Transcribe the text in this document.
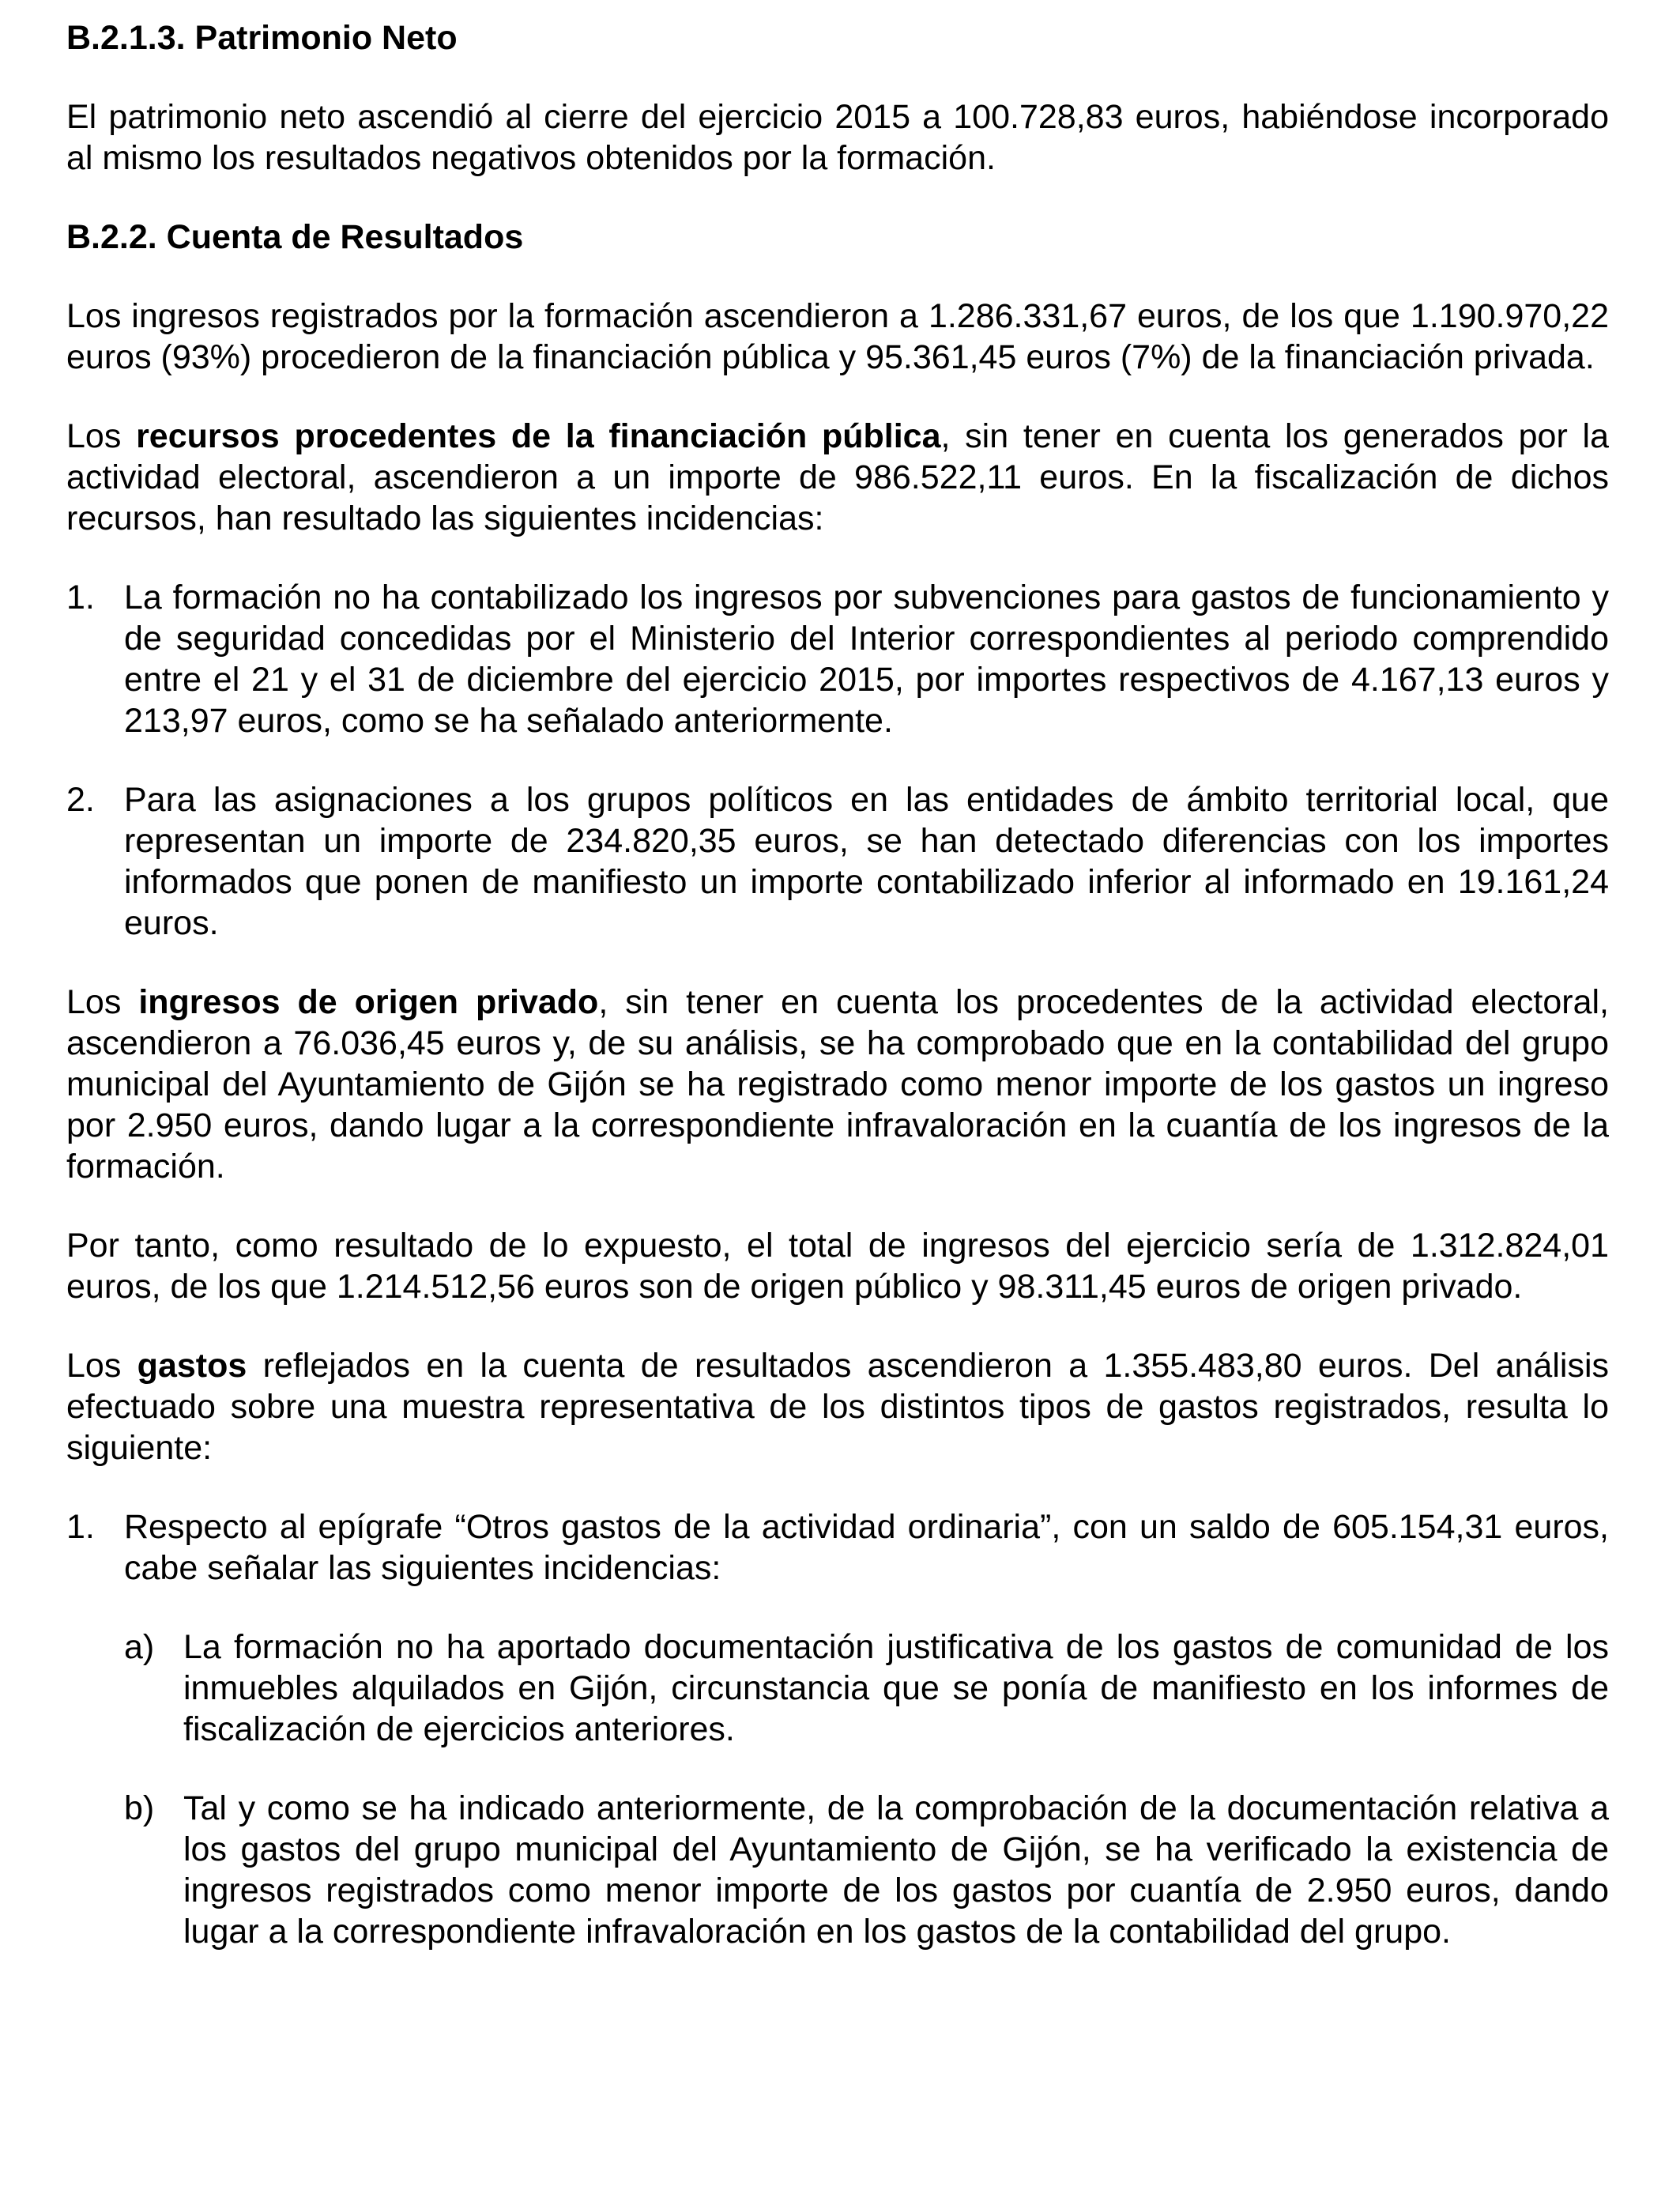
B.2.1.3. Patrimonio Neto

El patrimonio neto ascendió al cierre del ejercicio 2015 a 100.728,83 euros, habiéndose incorporado al mismo los resultados negativos obtenidos por la formación.

B.2.2. Cuenta de Resultados

Los ingresos registrados por la formación ascendieron a 1.286.331,67 euros, de los que 1.190.970,22 euros (93%) procedieron de la financiación pública y 95.361,45 euros (7%) de la financiación privada.

Los recursos procedentes de la financiación pública, sin tener en cuenta los generados por la actividad electoral, ascendieron a un importe de 986.522,11 euros. En la fiscalización de dichos recursos, han resultado las siguientes incidencias:

1. La formación no ha contabilizado los ingresos por subvenciones para gastos de funcionamiento y de seguridad concedidas por el Ministerio del Interior correspondientes al periodo comprendido entre el 21 y el 31 de diciembre del ejercicio 2015, por importes respectivos de 4.167,13 euros y 213,97 euros, como se ha señalado anteriormente.
2. Para las asignaciones a los grupos políticos en las entidades de ámbito territorial local, que representan un importe de 234.820,35 euros, se han detectado diferencias con los importes informados que ponen de manifiesto un importe contabilizado inferior al informado en 19.161,24 euros.

Los ingresos de origen privado, sin tener en cuenta los procedentes de la actividad electoral, ascendieron a 76.036,45 euros y, de su análisis, se ha comprobado que en la contabilidad del grupo municipal del Ayuntamiento de Gijón se ha registrado como menor importe de los gastos un ingreso por 2.950 euros, dando lugar a la correspondiente infravaloración en la cuantía de los ingresos de la formación.

Por tanto, como resultado de lo expuesto, el total de ingresos del ejercicio sería de 1.312.824,01 euros, de los que 1.214.512,56 euros son de origen público y 98.311,45 euros de origen privado.

Los gastos reflejados en la cuenta de resultados ascendieron a 1.355.483,80 euros. Del análisis efectuado sobre una muestra representativa de los distintos tipos de gastos registrados, resulta lo siguiente:

1. Respecto al epígrafe “Otros gastos de la actividad ordinaria”, con un saldo de 605.154,31 euros, cabe señalar las siguientes incidencias:
a) La formación no ha aportado documentación justificativa de los gastos de comunidad de los inmuebles alquilados en Gijón, circunstancia que se ponía de manifiesto en los informes de fiscalización de ejercicios anteriores.
b) Tal y como se ha indicado anteriormente, de la comprobación de la documentación relativa a los gastos del grupo municipal del Ayuntamiento de Gijón, se ha verificado la existencia de ingresos registrados como menor importe de los gastos por cuantía de 2.950 euros, dando lugar a la correspondiente infravaloración en los gastos de la contabilidad del grupo.
